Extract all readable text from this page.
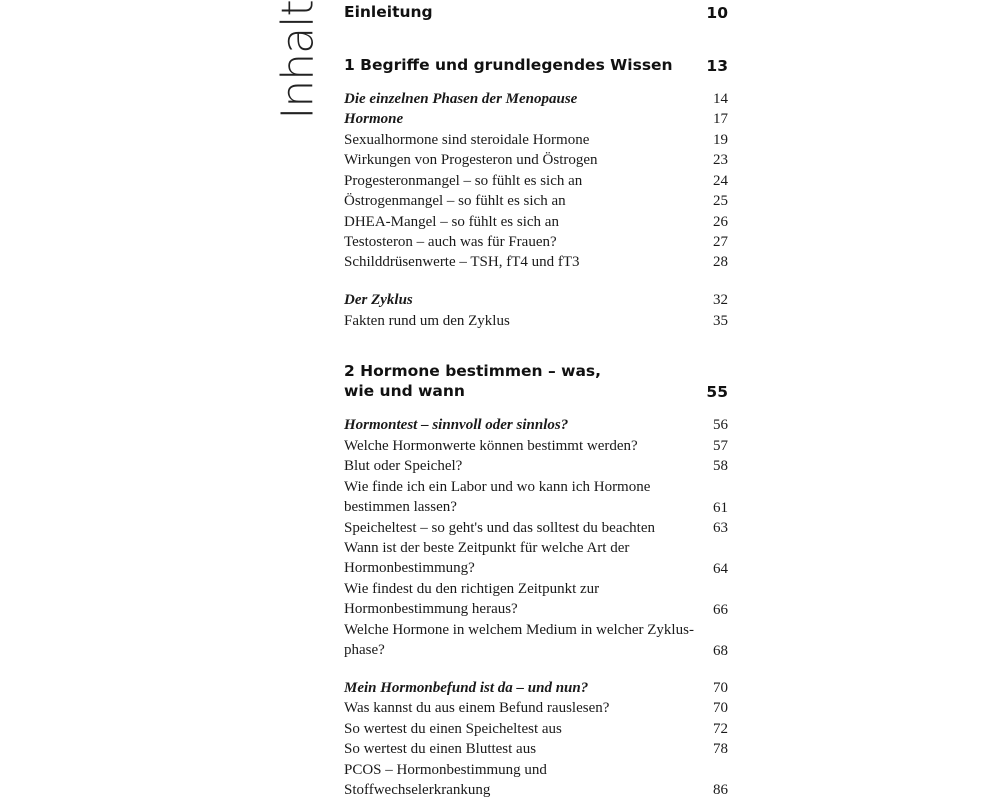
Inhalt Einleitung	10
1 Begriffe und grundlegendes Wissen 13
Die einzelnen Phasen der Menopause	14
Hormone	17
Sexualhormone sind steroidale Hormone	19
Wirkungen von Progesteron und Östrogen	23
Progesteronmangel – so fühlt es sich an	24
Östrogenmangel – so fühlt es sich an	25
DHEA-Mangel – so fühlt es sich an	26
Testosteron – auch was für Frauen?	27
Schilddrüsenwerte – TSH, fT4 und fT3	28
Der Zyklus	32
Fakten rund um den Zyklus	35
2 Hormone bestimmen – was,
wie und wann	55
Hormontest – sinnvoll oder sinnlos?	56
Welche Hormonwerte können bestimmt werden?	57
Blut oder Speichel?	58
Wie finde ich ein Labor und wo kann ich Hormone
bestimmen lassen?	61
Speicheltest – so geht's und das solltest du beachten	63
Wann ist der beste Zeitpunkt für welche Art der
Hormonbestimmung?	64
Wie findest du den richtigen Zeitpunkt zur
Hormonbestimmung heraus?	66
Welche Hormone in welchem Medium in welcher Zyklus-
phase?	68
Mein Hormonbefund ist da – und nun?	70
Was kannst du aus einem Befund rauslesen?	70
So wertest du einen Speicheltest aus	72
So wertest du einen Bluttest aus	78
PCOS – Hormonbestimmung und
Stoffwechselerkrankung	86
